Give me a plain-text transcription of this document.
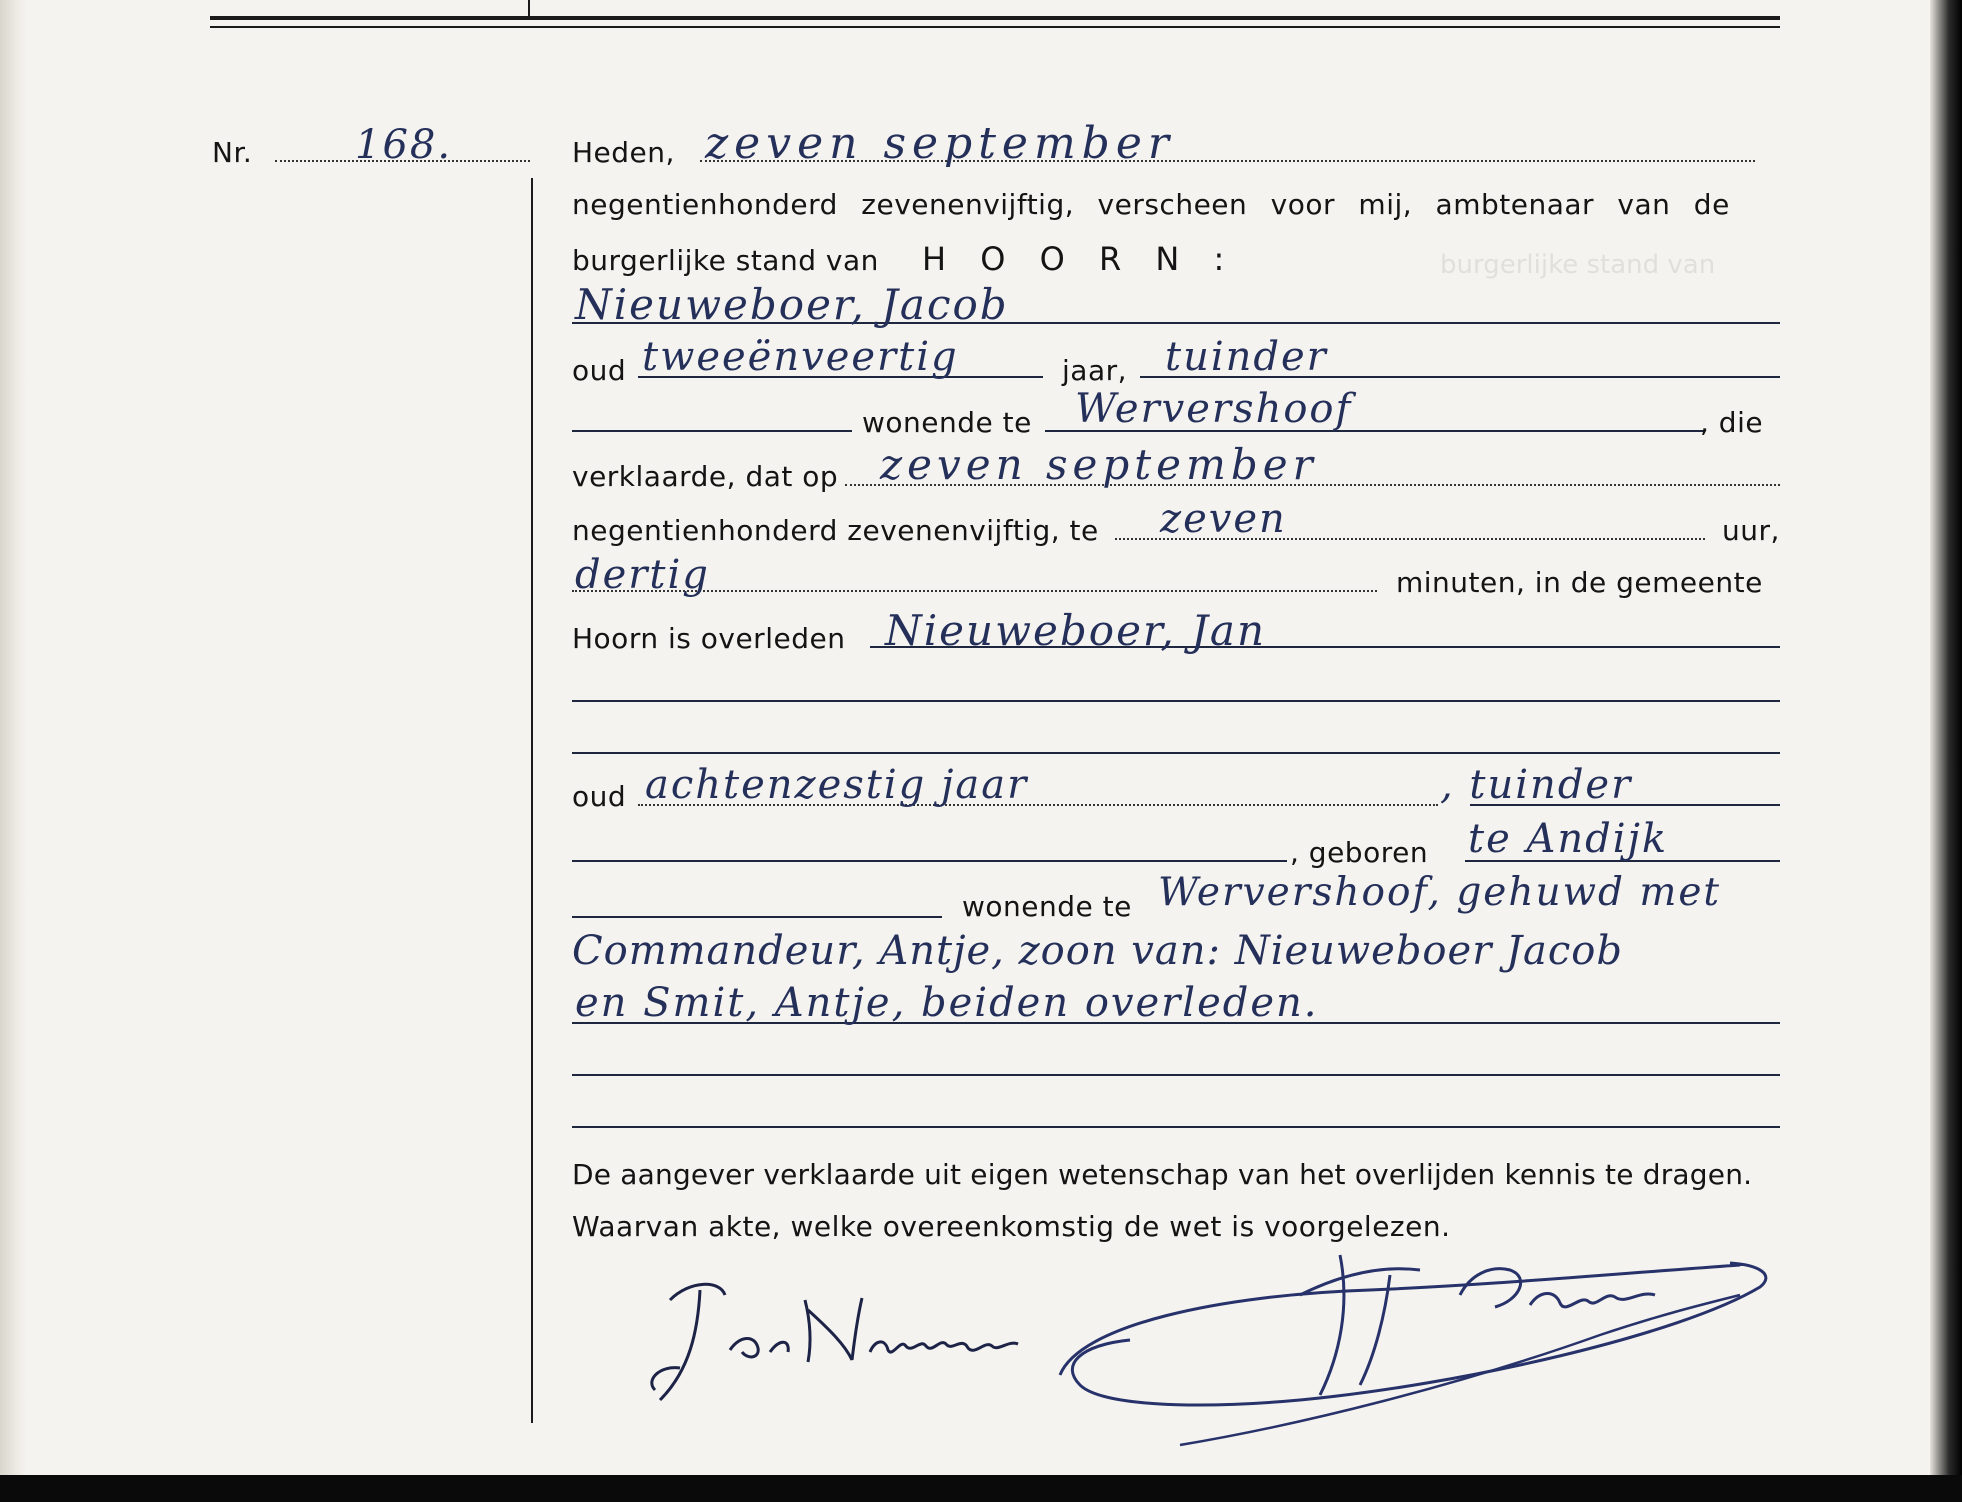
burgerlijke stand van
Nr.	168.	Heden, zeven september
negentienhonderd zevenenvijftig, verscheen voor mij, ambtenaar van de
burgerlijke stand van H O O R N :
Nieuweboer, Jacob
oud tweeënveertig	jaar, tuinder
wonende te Wervershoof	, die
verklaarde, dat op zeven september
negentienhonderd zevenenvijftig, te zeven	uur,
dertig	minuten, in de gemeente
Hoorn is overleden Nieuweboer, Jan
oud achtenzestig jaar	, tuinder
, geboren te Andijk
wonende te Wervershoof, gehuwd met
Commandeur, Antje, zoon van: Nieuweboer Jacob
en Smit, Antje, beiden overleden.
De aangever verklaarde uit eigen wetenschap van het overlijden kennis te dragen.
Waarvan akte, welke overeenkomstig de wet is voorgelezen.
